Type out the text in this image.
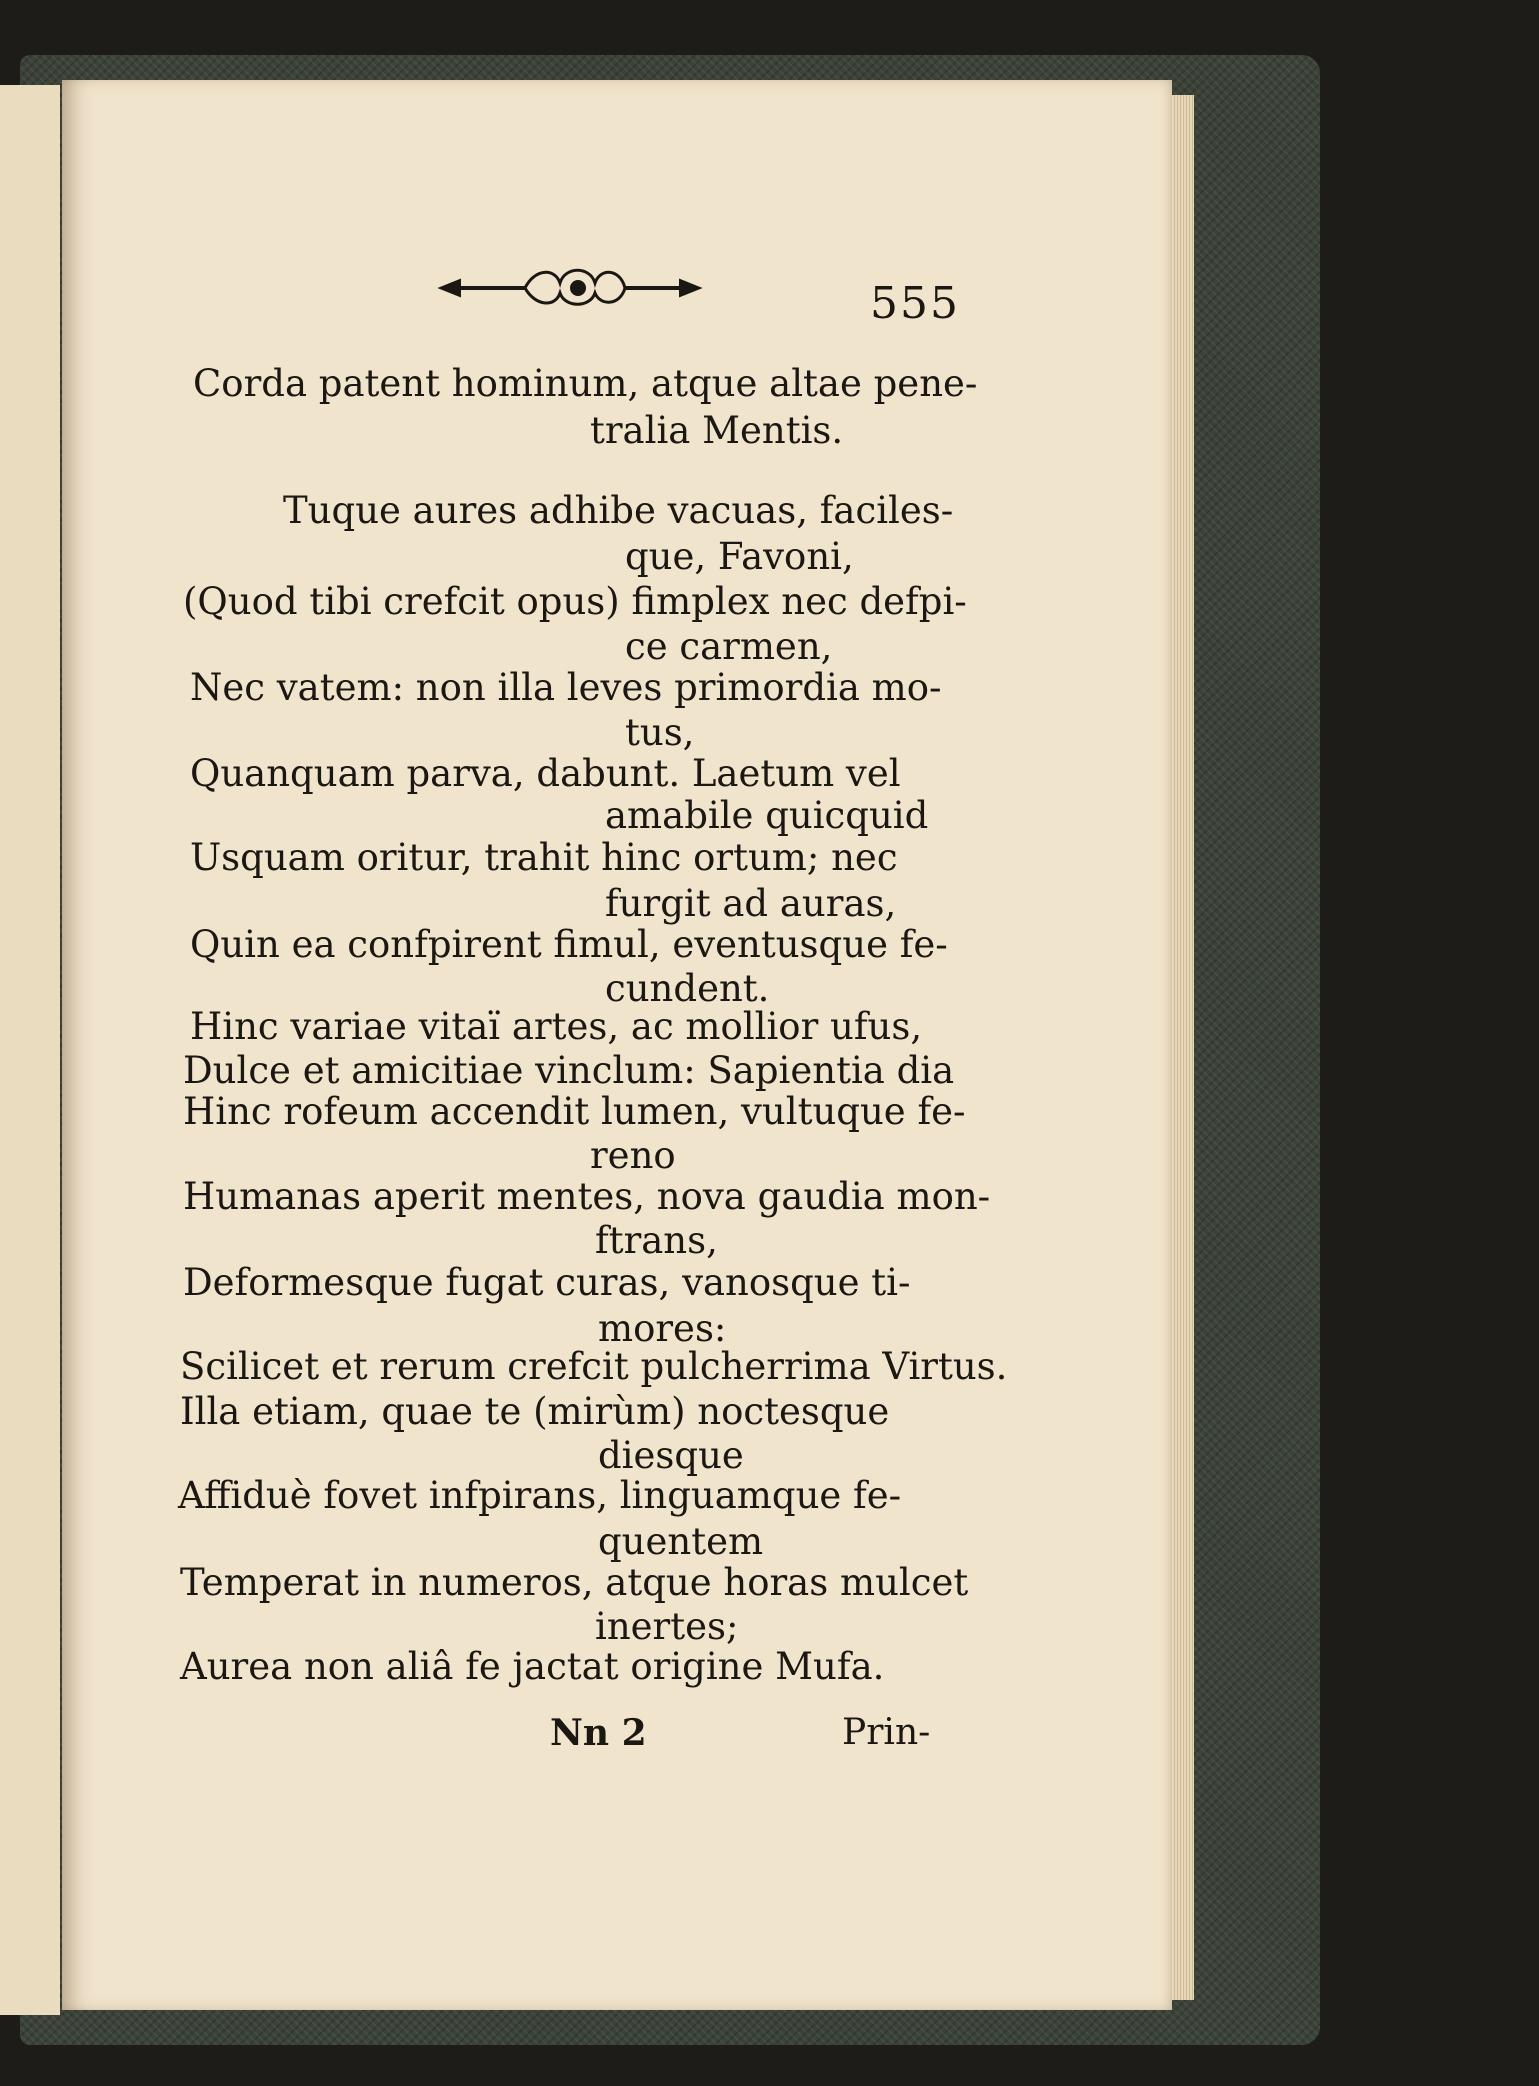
555
Corda patent hominum, atque altae pene-
tralia Mentis.
Tuque aures adhibe vacuas, faciles-
que, Favoni,
(Quod tibi crefcit opus) fimplex nec defpi-
ce carmen,
Nec vatem: non illa leves primordia mo-
tus,
Quanquam parva, dabunt. Laetum vel
amabile quicquid
Usquam oritur, trahit hinc ortum; nec
furgit ad auras,
Quin ea confpirent fimul, eventusque fe-
cundent.
Hinc variae vitaï artes, ac mollior ufus,
Dulce et amicitiae vinclum: Sapientia dia
Hinc rofeum accendit lumen, vultuque fe-
reno
Humanas aperit mentes, nova gaudia mon-
ftrans,
Deformesque fugat curas, vanosque ti-
mores:
Scilicet et rerum crefcit pulcherrima Virtus.
Illa etiam, quae te (mirùm) noctesque
diesque
Affiduè fovet infpirans, linguamque fe-
quentem
Temperat in numeros, atque horas mulcet
inertes;
Aurea non aliâ fe jactat origine Mufa.
Nn 2	Prin-
